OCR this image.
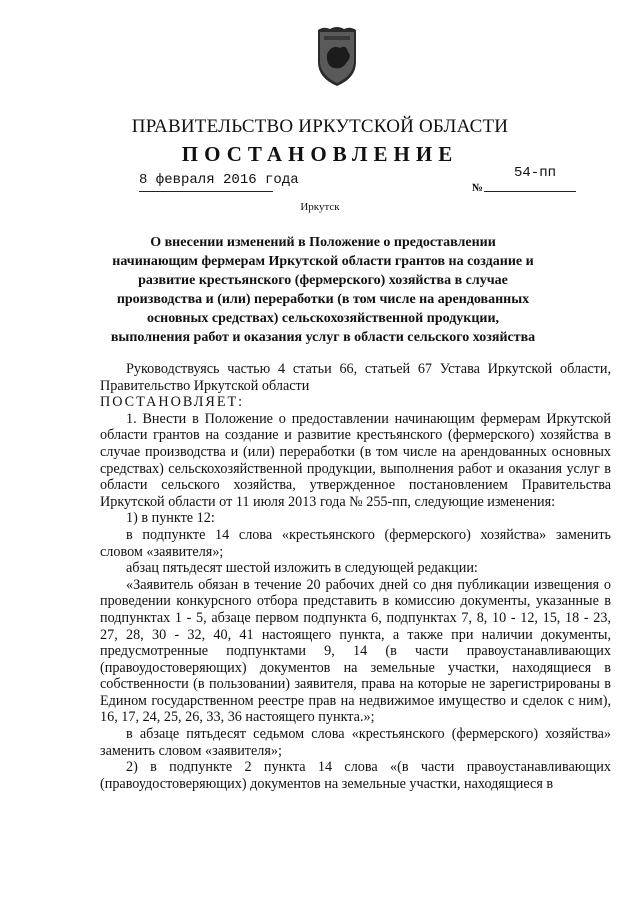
ПРАВИТЕЛЬСТВО ИРКУТСКОЙ ОБЛАСТИ
ПОСТАНОВЛЕНИЕ
8 февраля 2016 года	54-пп
№
Иркутск
О внесении изменений в Положение о предоставлении начинающим фермерам Иркутской области грантов на создание и развитие крестьянского (фермерского) хозяйства в случае производства и (или) переработки (в том числе на арендованных основных средствах) сельскохозяйственной продукции, выполнения работ и оказания услуг в области сельского хозяйства

Руководствуясь частью 4 статьи 66, статьей 67 Устава Иркутской области, Правительство Иркутской области

ПОСТАНОВЛЯЕТ:

1. Внести в Положение о предоставлении начинающим фермерам Иркутской области грантов на создание и развитие крестьянского (фермерского) хозяйства в случае производства и (или) переработки (в том числе на арендованных основных средствах) сельскохозяйственной продукции, выполнения работ и оказания услуг в области сельского хозяйства, утвержденное постановлением Правительства Иркутской области от 11 июля 2013 года № 255-пп, следующие изменения:

1) в пункте 12:

в подпункте 14 слова «крестьянского (фермерского) хозяйства» заменить словом «заявителя»;

абзац пятьдесят шестой изложить в следующей редакции:

«Заявитель обязан в течение 20 рабочих дней со дня публикации извещения о проведении конкурсного отбора представить в комиссию документы, указанные в подпунктах 1 - 5, абзаце первом подпункта 6, подпунктах 7, 8, 10 - 12, 15, 18 - 23, 27, 28, 30 - 32, 40, 41 настоящего пункта, а также при наличии документы, предусмотренные подпунктами 9, 14 (в части правоустанавливающих (правоудостоверяющих) документов на земельные участки, находящиеся в собственности (в пользовании) заявителя, права на которые не зарегистрированы в Едином государственном реестре прав на недвижимое имущество и сделок с ним), 16, 17, 24, 25, 26, 33, 36 настоящего пункта.»;

в абзаце пятьдесят седьмом слова «крестьянского (фермерского) хозяйства» заменить словом «заявителя»;

2) в подпункте 2 пункта 14 слова «(в части правоустанавливающих (правоудостоверяющих) документов на земельные участки, находящиеся в
